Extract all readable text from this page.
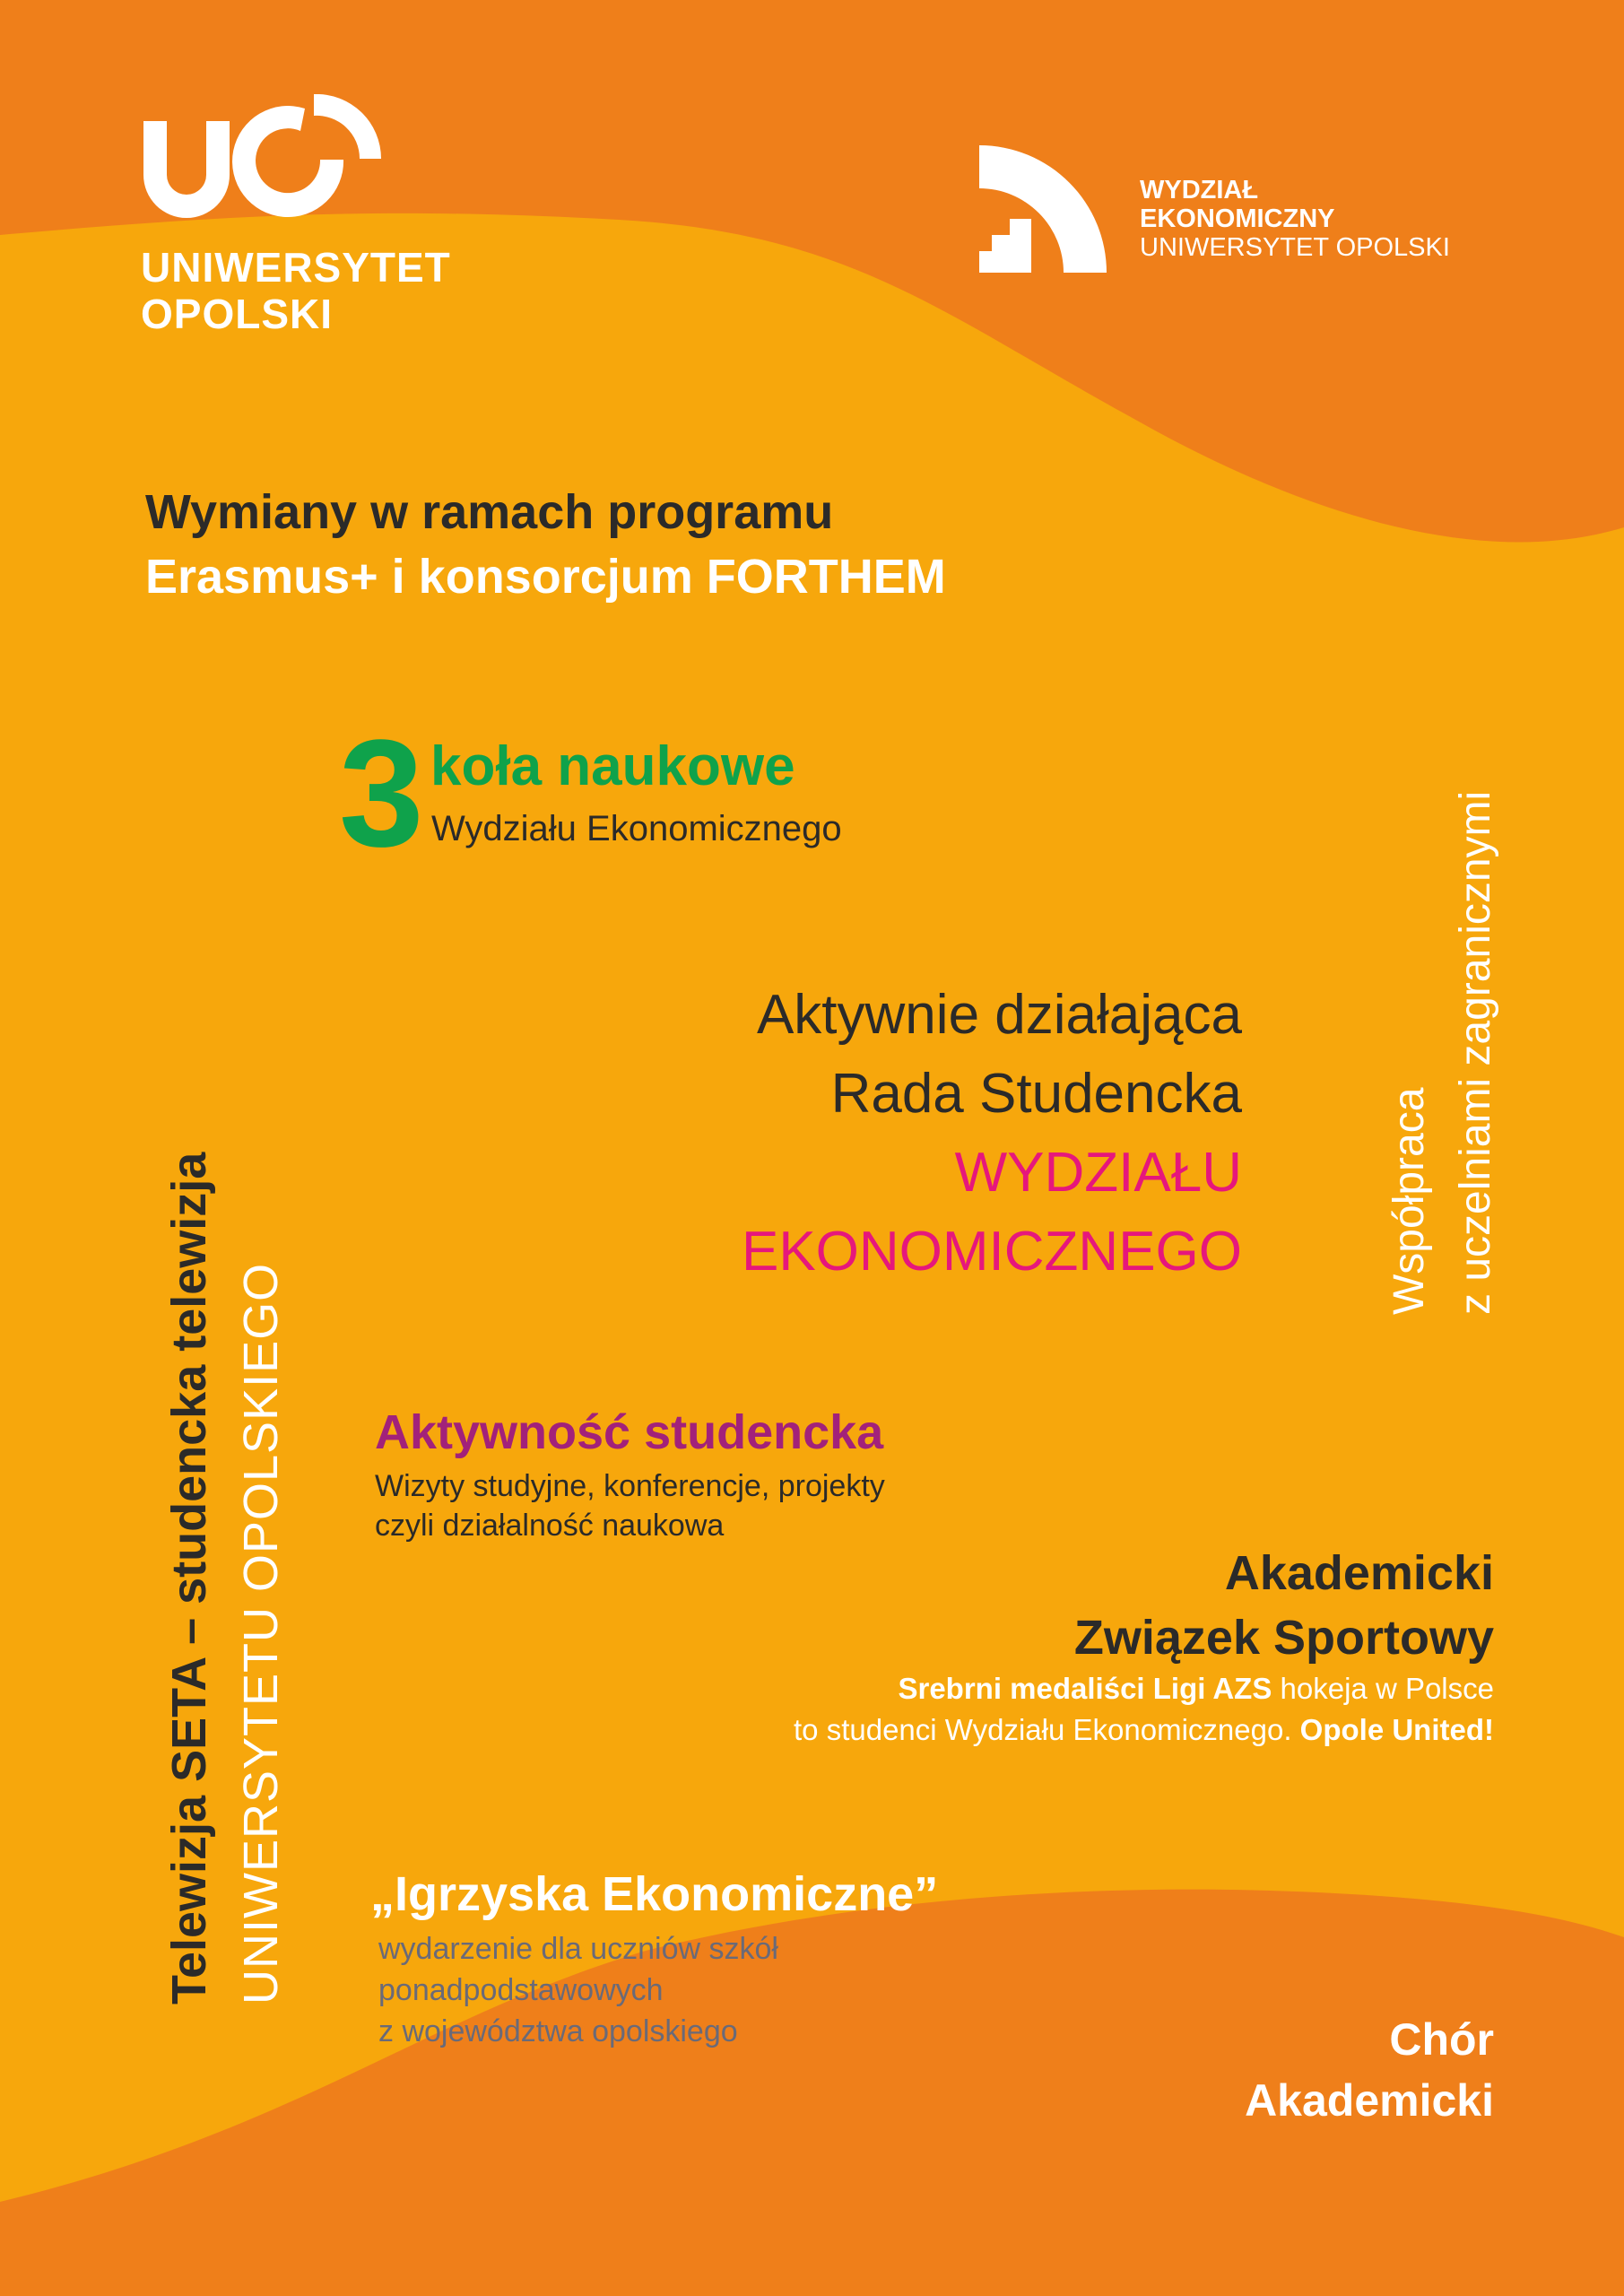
UNIWERSYTET
OPOLSKI
WYDZIAŁ
EKONOMICZNY
UNIWERSYTET OPOLSKI
Wymiany w ramach programu
Erasmus+ i konsorcjum FORTHEM
3 koła naukowe
Wydziału Ekonomicznego
Aktywnie działająca
Rada Studencka
WYDZIAŁU
EKONOMICZNEGO
Aktywność studencka
Wizyty studyjne, konferencje, projekty
czyli działalność naukowa
Akademicki
Związek Sportowy
Srebrni medaliści Ligi AZS hokeja w Polsce
to studenci Wydziału Ekonomicznego. Opole United!
„Igrzyska Ekonomiczne”
wydarzenie dla uczniów szkół
ponadpodstawowych
z województwa opolskiego	Chór
Akademicki
Telewizja SETA – studencka telewizja UNIWERSYTETU OPOLSKIEGO
Współpraca z uczelniami zagranicznymi
